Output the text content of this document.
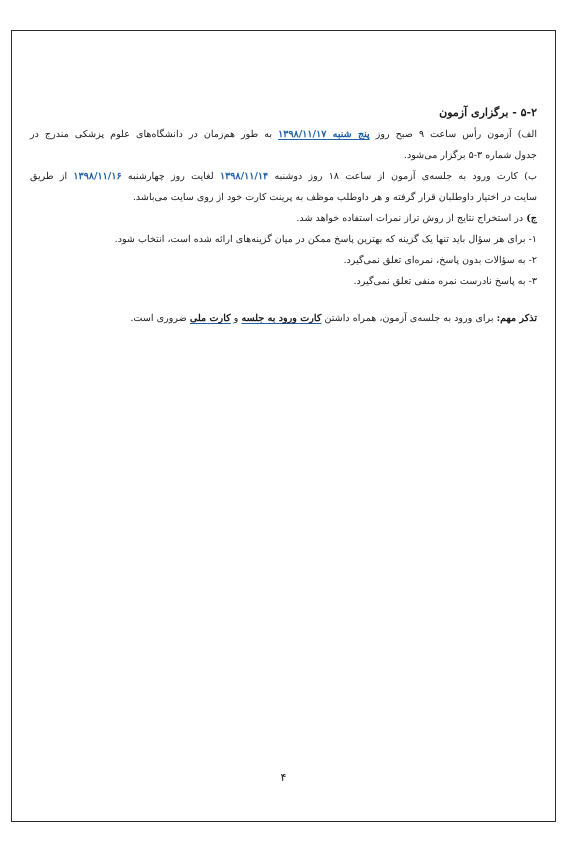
۵-۲ - برگزاری آزمون

الف) آزمون رأس ساعت ۹ صبح روز پنج شنبه ۱۳۹۸/۱۱/۱۷ به طور هم‌زمان در دانشگاه‌های علوم پزشکی مندرج در

جدول شماره ۳-۵ برگزار می‌شود.

ب) کارت ورود به جلسه‌ی آزمون از ساعت ۱۸ روز دوشنبه ۱۳۹۸/۱۱/۱۴ لغایت روز چهارشنبه ۱۳۹۸/۱۱/۱۶ از طریق

سایت در اختیار داوطلبان قرار گرفته و هر داوطلب موظف به پرینت کارت خود از روی سایت می‌باشد.

ج) در استخراج نتایج از روش تراز نمرات استفاده خواهد شد.

۱- برای هر سؤال باید تنها یک گزینه که بهترین پاسخ ممکن در میان گزینه‌های ارائه شده است، انتخاب شود.

۲- به سؤالات بدون پاسخ، نمره‌ای تعلق نمی‌گیرد.

۳- به پاسخ نادرست نمره منفی تعلق نمی‌گیرد.

تذکر مهم: برای ورود به جلسه‌ی آزمون، همراه داشتن کارت ورود به جلسه و کارت ملی ضروری است.

۴
